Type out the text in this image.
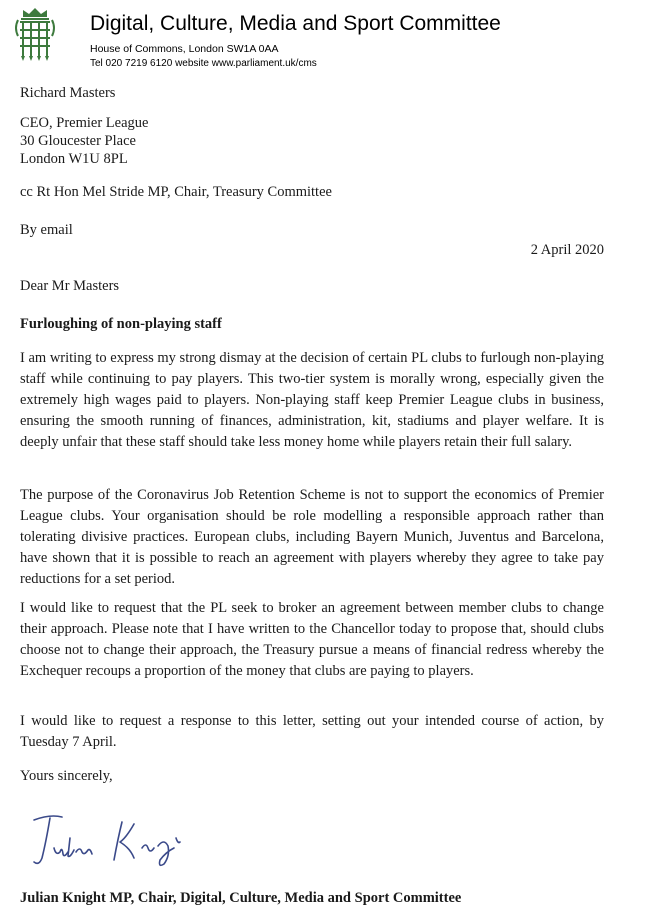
Digital, Culture, Media and Sport Committee

House of Commons, London SW1A 0AA

Tel 020 7219 6120 website www.parliament.uk/cms

Richard Masters

CEO, Premier League

30 Gloucester Place

London W1U 8PL

cc Rt Hon Mel Stride MP, Chair, Treasury Committee

By email

2 April 2020

Dear Mr Masters

Furloughing of non-playing staff

I am writing to express my strong dismay at the decision of certain PL clubs to furlough non-playing staff while continuing to pay players. This two-tier system is morally wrong, especially given the extremely high wages paid to players. Non-playing staff keep Premier League clubs in business, ensuring the smooth running of finances, administration, kit, stadiums and player welfare. It is deeply unfair that these staff should take less money home while players retain their full salary.

The purpose of the Coronavirus Job Retention Scheme is not to support the economics of Premier League clubs. Your organisation should be role modelling a responsible approach rather than tolerating divisive practices. European clubs, including Bayern Munich, Juventus and Barcelona, have shown that it is possible to reach an agreement with players whereby they agree to take pay reductions for a set period.

I would like to request that the PL seek to broker an agreement between member clubs to change their approach. Please note that I have written to the Chancellor today to propose that, should clubs choose not to change their approach, the Treasury pursue a means of financial redress whereby the Exchequer recoups a proportion of the money that clubs are paying to players.

I would like to request a response to this letter, setting out your intended course of action, by Tuesday 7 April.

Yours sincerely,

Julian Knight MP, Chair, Digital, Culture, Media and Sport Committee
